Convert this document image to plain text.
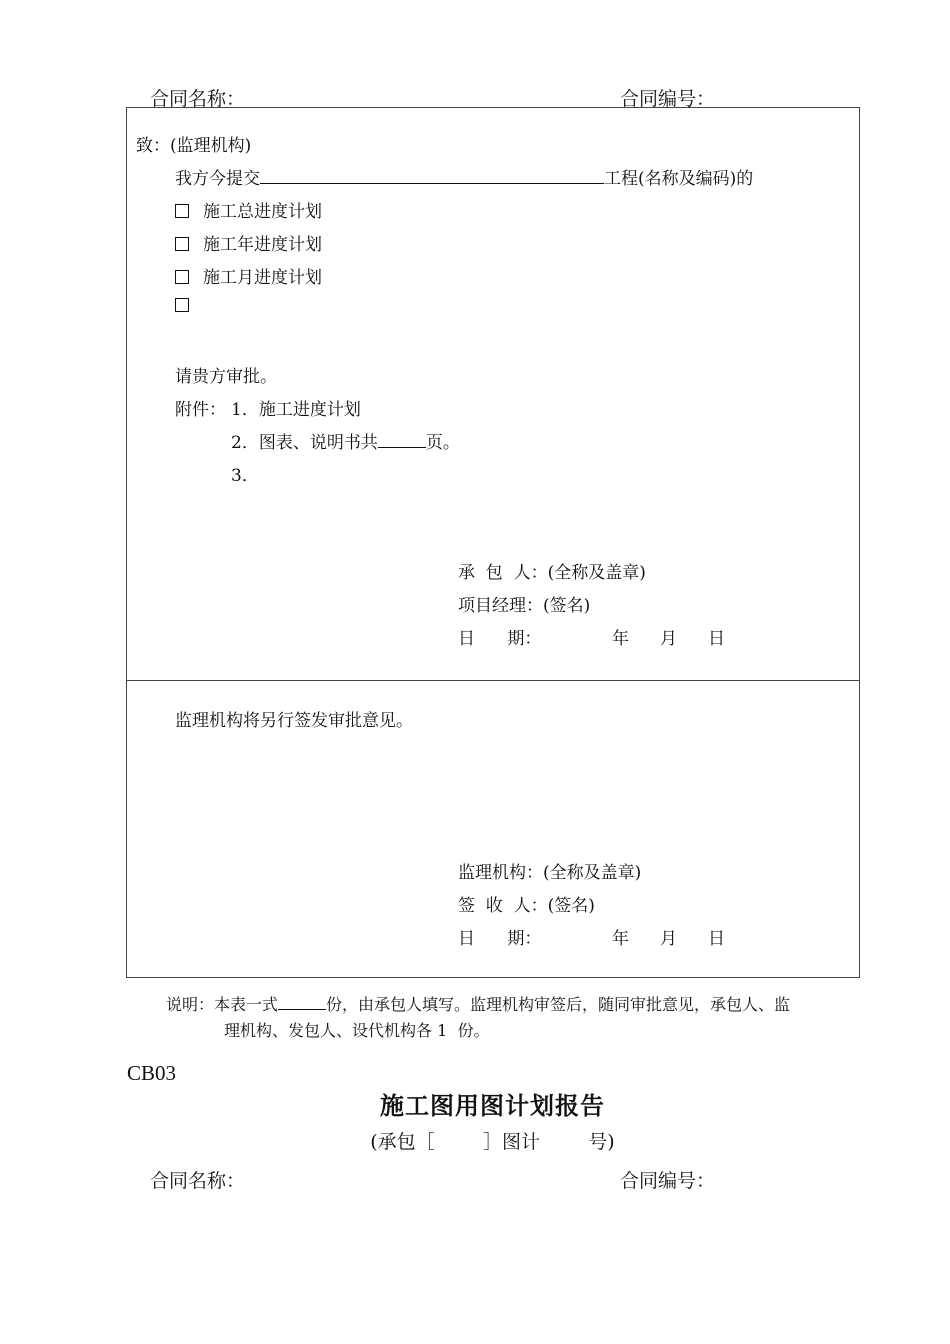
合同名称：	合同编号：
致：(监理机构)
我方今提交	工程(名称及编码)的
施工总进度计划
施工年进度计划
施工月进度计划
请贵方审批。
附件： 1．施工进度计划
2．图表、说明书共	页。
3．
承  包  人：(全称及盖章)
项目经理：(签名)
日      期：	年 月 日
监理机构将另行签发审批意见。
监理机构：(全称及盖章)
签  收  人：(签名)
日      期：	年 月 日
说明：本表一式	份，由承包人填写。监理机构审签后，随同审批意见，承包人、监
理机构、发包人、设代机构各 1  份。
CB03
施工图用图计划报告
(承包［        ］图计        号)
合同名称：	合同编号：
